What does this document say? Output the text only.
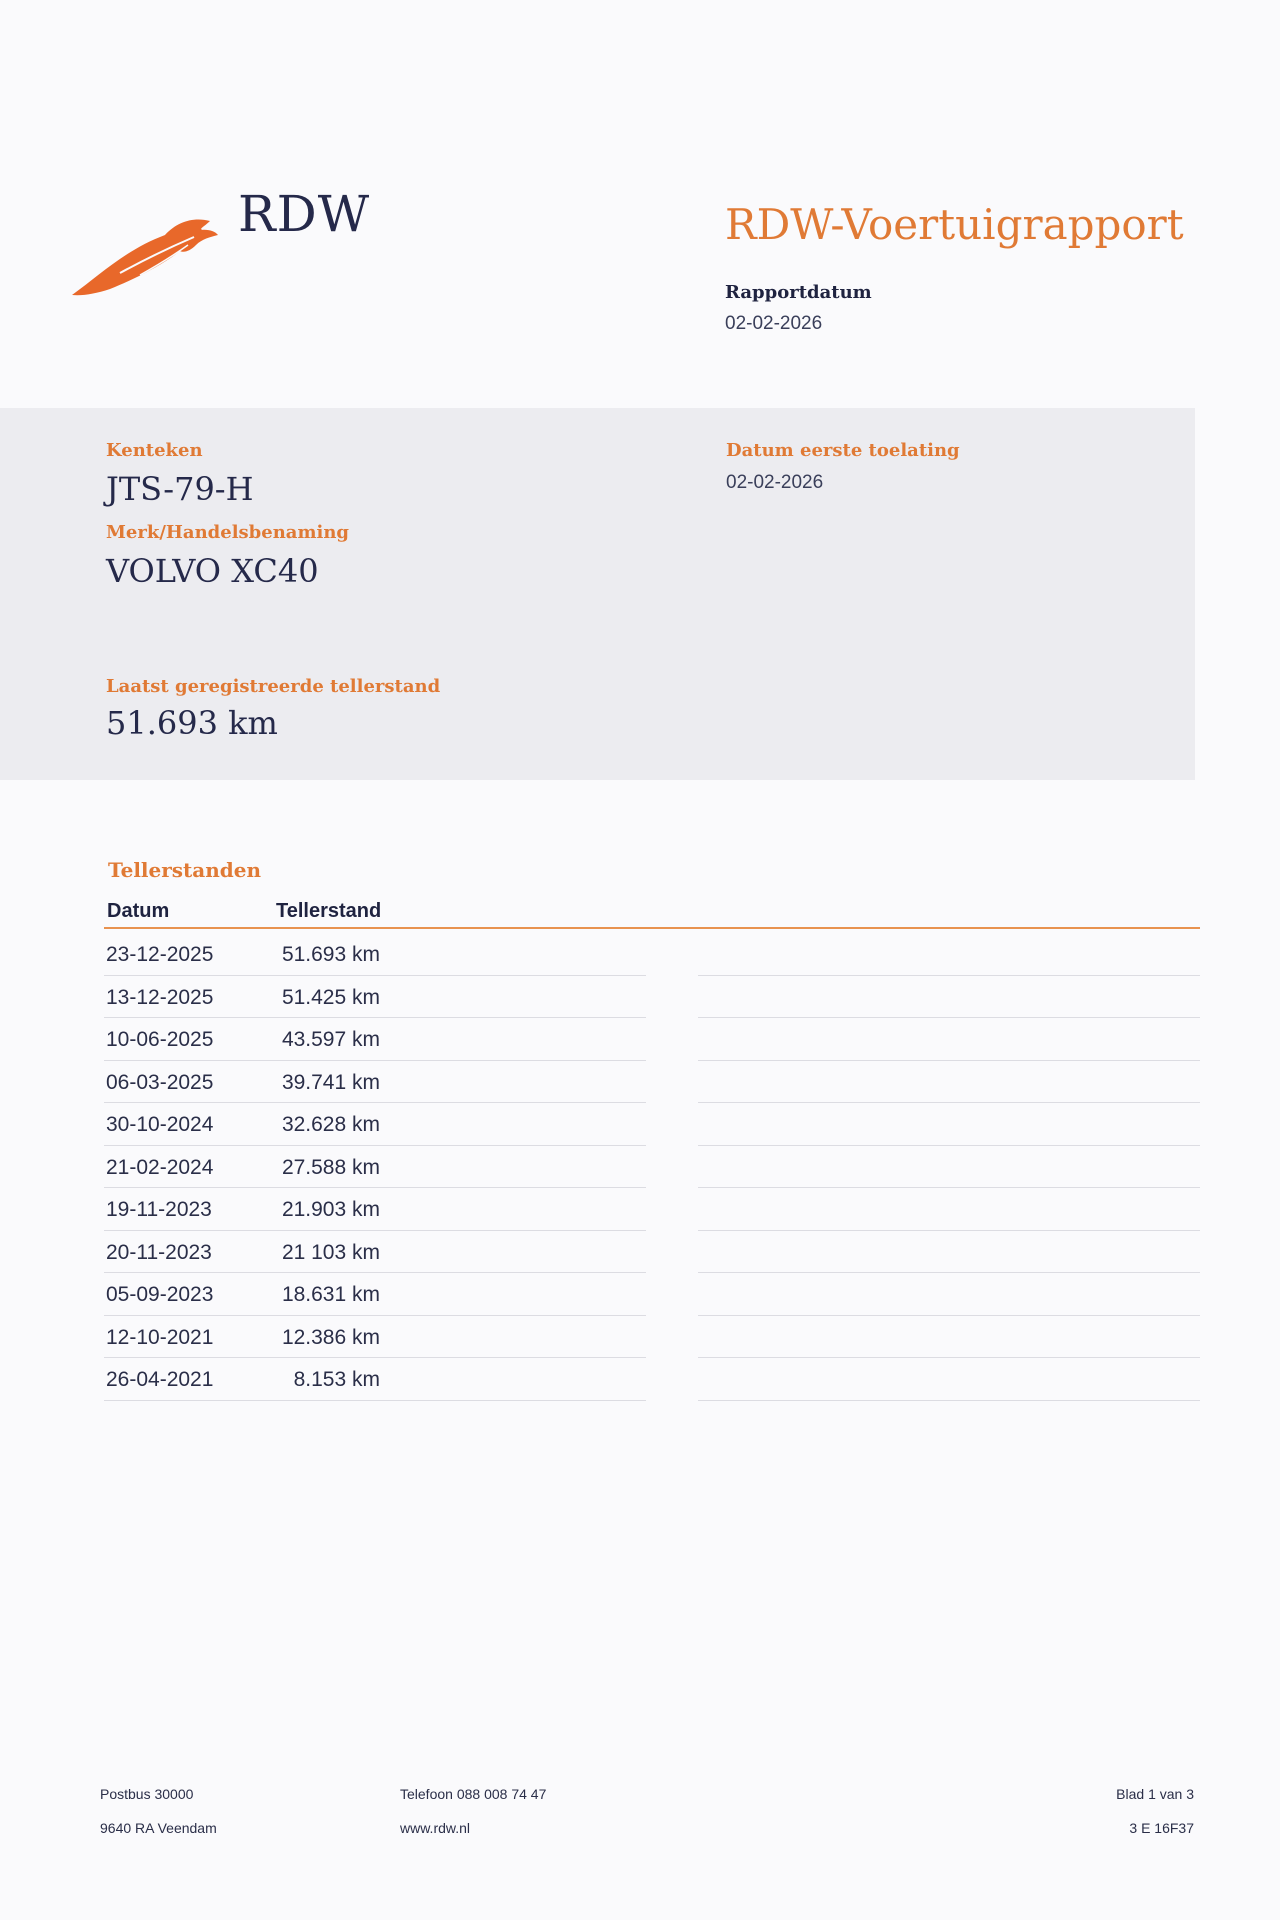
RDW	RDW-Voertuigrapport
Rapportdatum
02-02-2026
Kenteken
JTS-79-H
Merk/Handelsbenaming
VOLVO XC40
Laatst geregistreerde tellerstand
51.693 km
Datum eerste toelating
02-02-2026
Tellerstanden
Datum	Tellerstand
23-12-2025	51.693 km
13-12-2025	51.425 km
10-06-2025	43.597 km
06-03-2025	39.741 km
30-10-2024	32.628 km
21-02-2024	27.588 km
19-11-2023	21.903 km
20-11-2023	21 103 km
05-09-2023	18.631 km
12-10-2021	12.386 km
26-04-2021	8.153 km
Postbus 30000
9640 RA Veendam
Telefoon 088 008 74 47
www.rdw.nl
Blad 1 van 3
3 E 16F37
